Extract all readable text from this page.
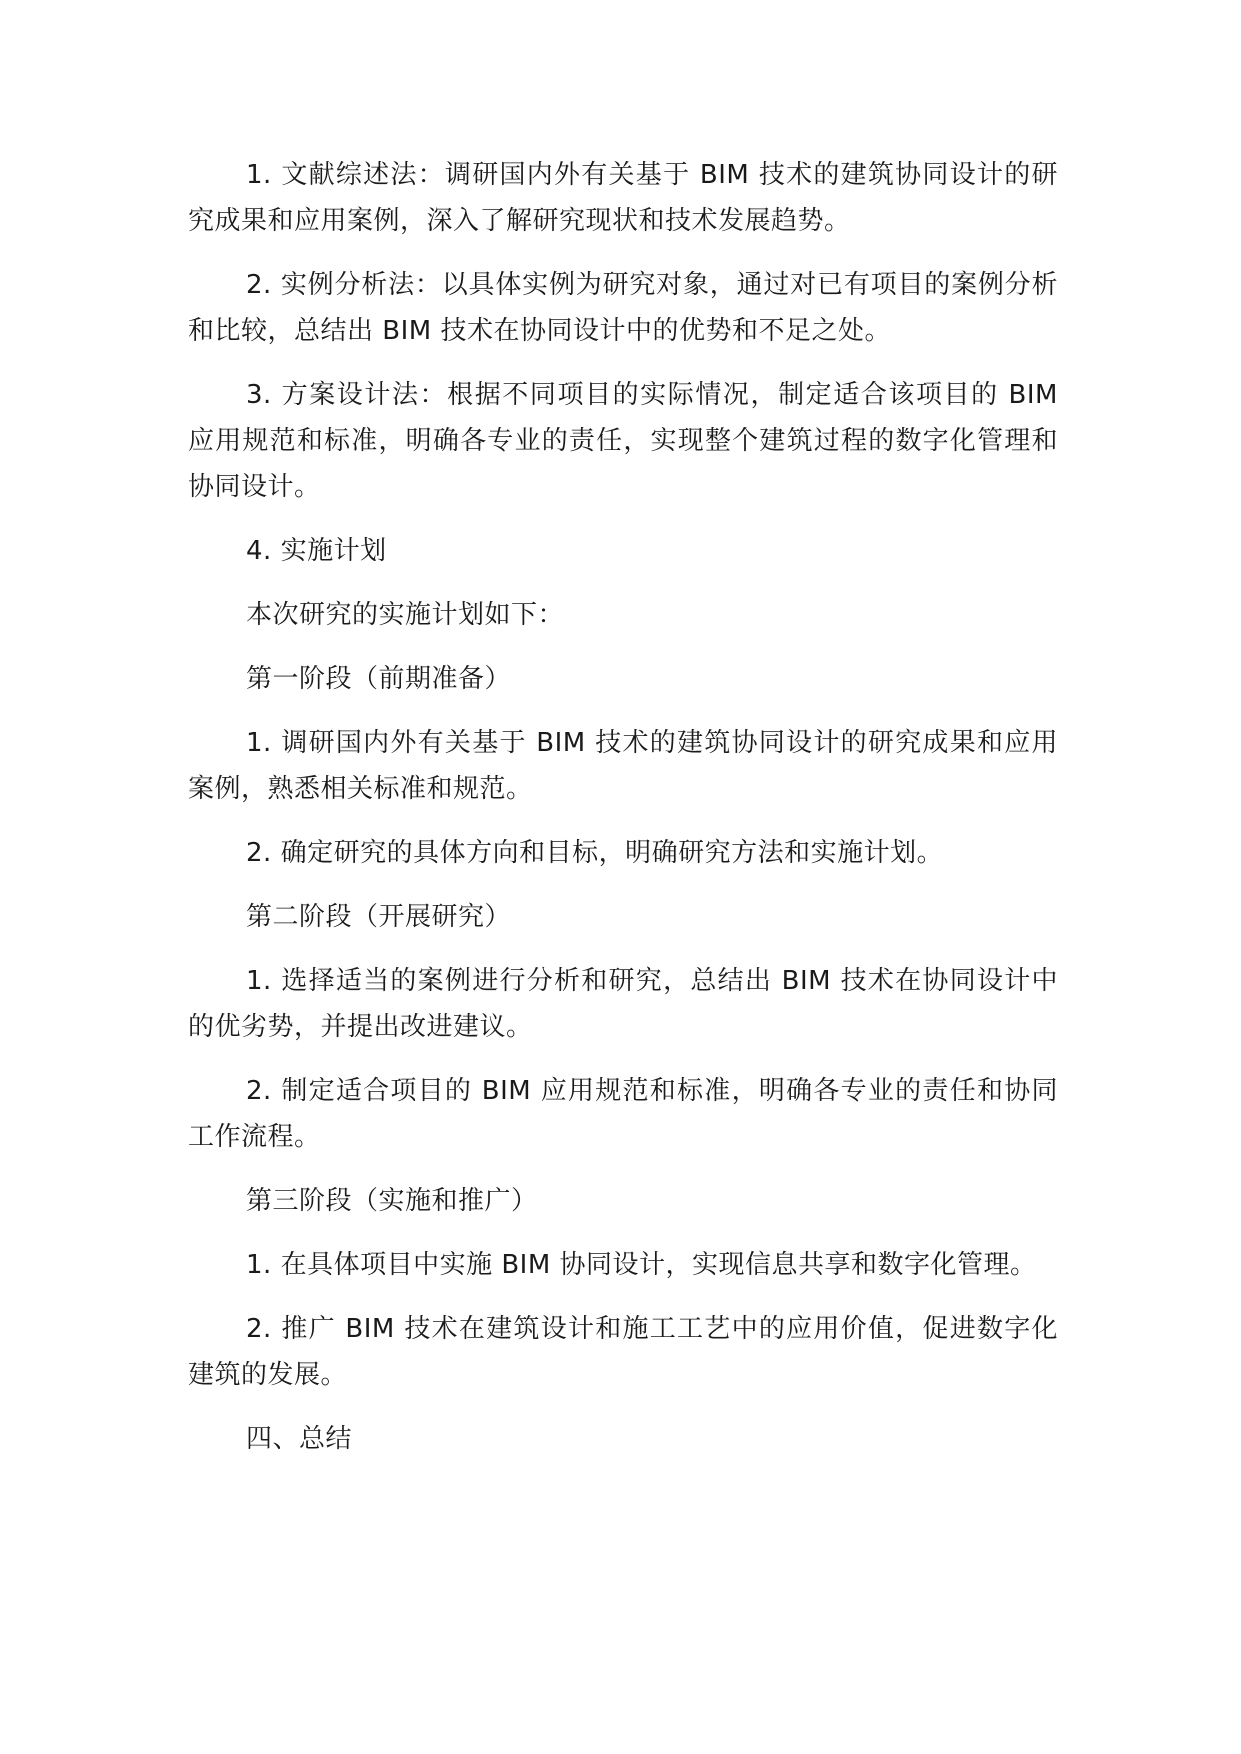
1. 文献综述法：调研国内外有关基于 BIM 技术的建筑协同设计的研究成果和应用案例，深入了解研究现状和技术发展趋势。

2. 实例分析法：以具体实例为研究对象，通过对已有项目的案例分析和比较，总结出 BIM 技术在协同设计中的优势和不足之处。

3. 方案设计法：根据不同项目的实际情况，制定适合该项目的 BIM 应用规范和标准，明确各专业的责任，实现整个建筑过程的数字化管理和协同设计。

4. 实施计划

本次研究的实施计划如下：

第一阶段（前期准备）

1. 调研国内外有关基于 BIM 技术的建筑协同设计的研究成果和应用案例，熟悉相关标准和规范。

2. 确定研究的具体方向和目标，明确研究方法和实施计划。

第二阶段（开展研究）

1. 选择适当的案例进行分析和研究，总结出 BIM 技术在协同设计中的优劣势，并提出改进建议。

2. 制定适合项目的 BIM 应用规范和标准，明确各专业的责任和协同工作流程。

第三阶段（实施和推广）

1. 在具体项目中实施 BIM 协同设计，实现信息共享和数字化管理。

2. 推广 BIM 技术在建筑设计和施工工艺中的应用价值，促进数字化建筑的发展。

四、总结
